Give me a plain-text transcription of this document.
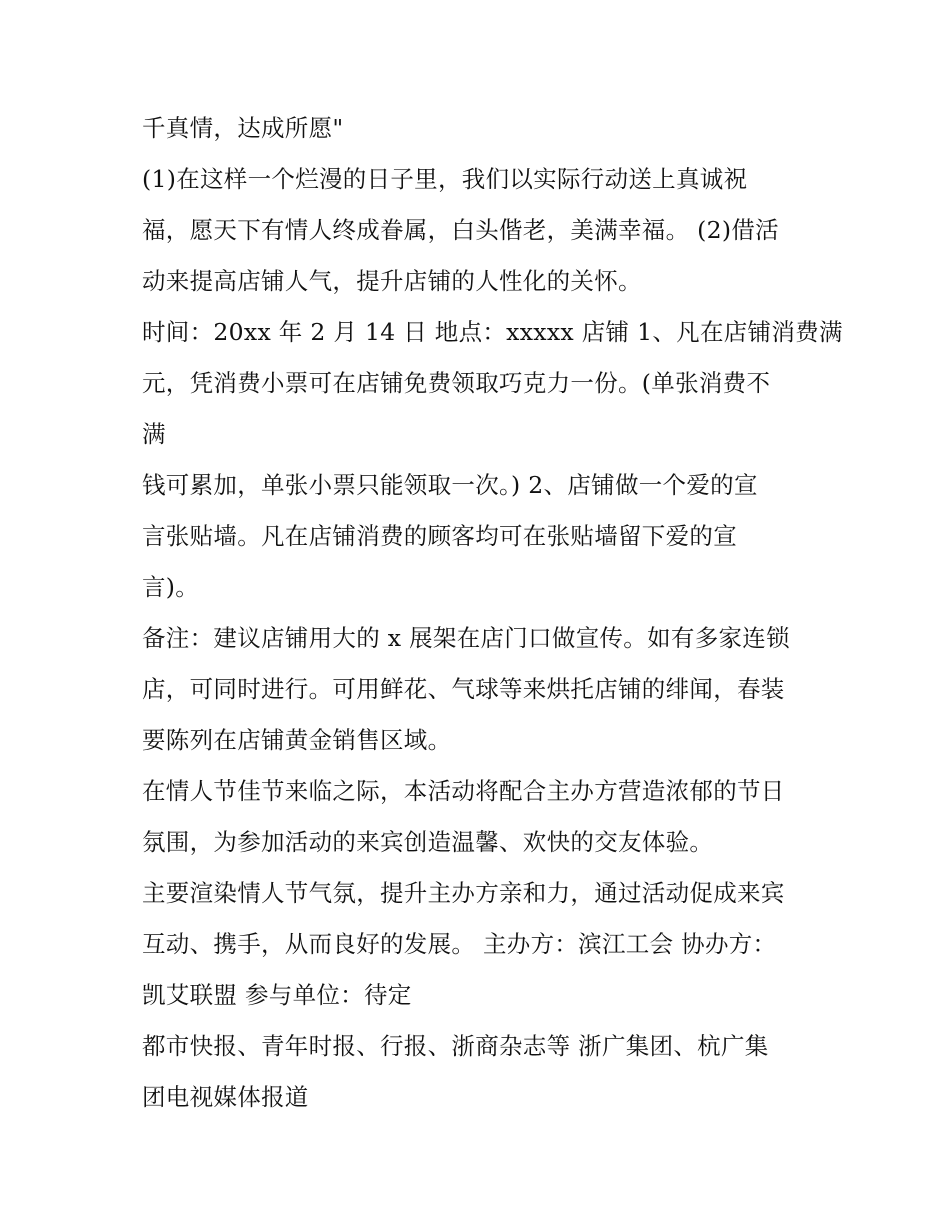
千真情，达成所愿"
(1)在这样一个烂漫的日子里，我们以实际行动送上真诚祝
福，愿天下有情人终成眷属，白头偕老，美满幸福。 (2)借活
动来提高店铺人气，提升店铺的人性化的关怀。
时间：20xx 年 2 月 14 日 地点：xxxxx 店铺 1、凡在店铺消费满
元，凭消费小票可在店铺免费领取巧克力一份。(单张消费不
满
钱可累加，单张小票只能领取一次。) 2、店铺做一个爱的宣
言张贴墙。凡在店铺消费的顾客均可在张贴墙留下爱的宣
言)。
备注：建议店铺用大的 x 展架在店门口做宣传。如有多家连锁
店，可同时进行。可用鲜花、气球等来烘托店铺的绯闻，春装
要陈列在店铺黄金销售区域。
在情人节佳节来临之际，本活动将配合主办方营造浓郁的节日
氛围，为参加活动的来宾创造温馨、欢快的交友体验。
主要渲染情人节气氛，提升主办方亲和力，通过活动促成来宾
互动、携手，从而良好的发展。 主办方：滨江工会 协办方：
凯艾联盟 参与单位：待定
都市快报、青年时报、行报、浙商杂志等 浙广集团、杭广集
团电视媒体报道
